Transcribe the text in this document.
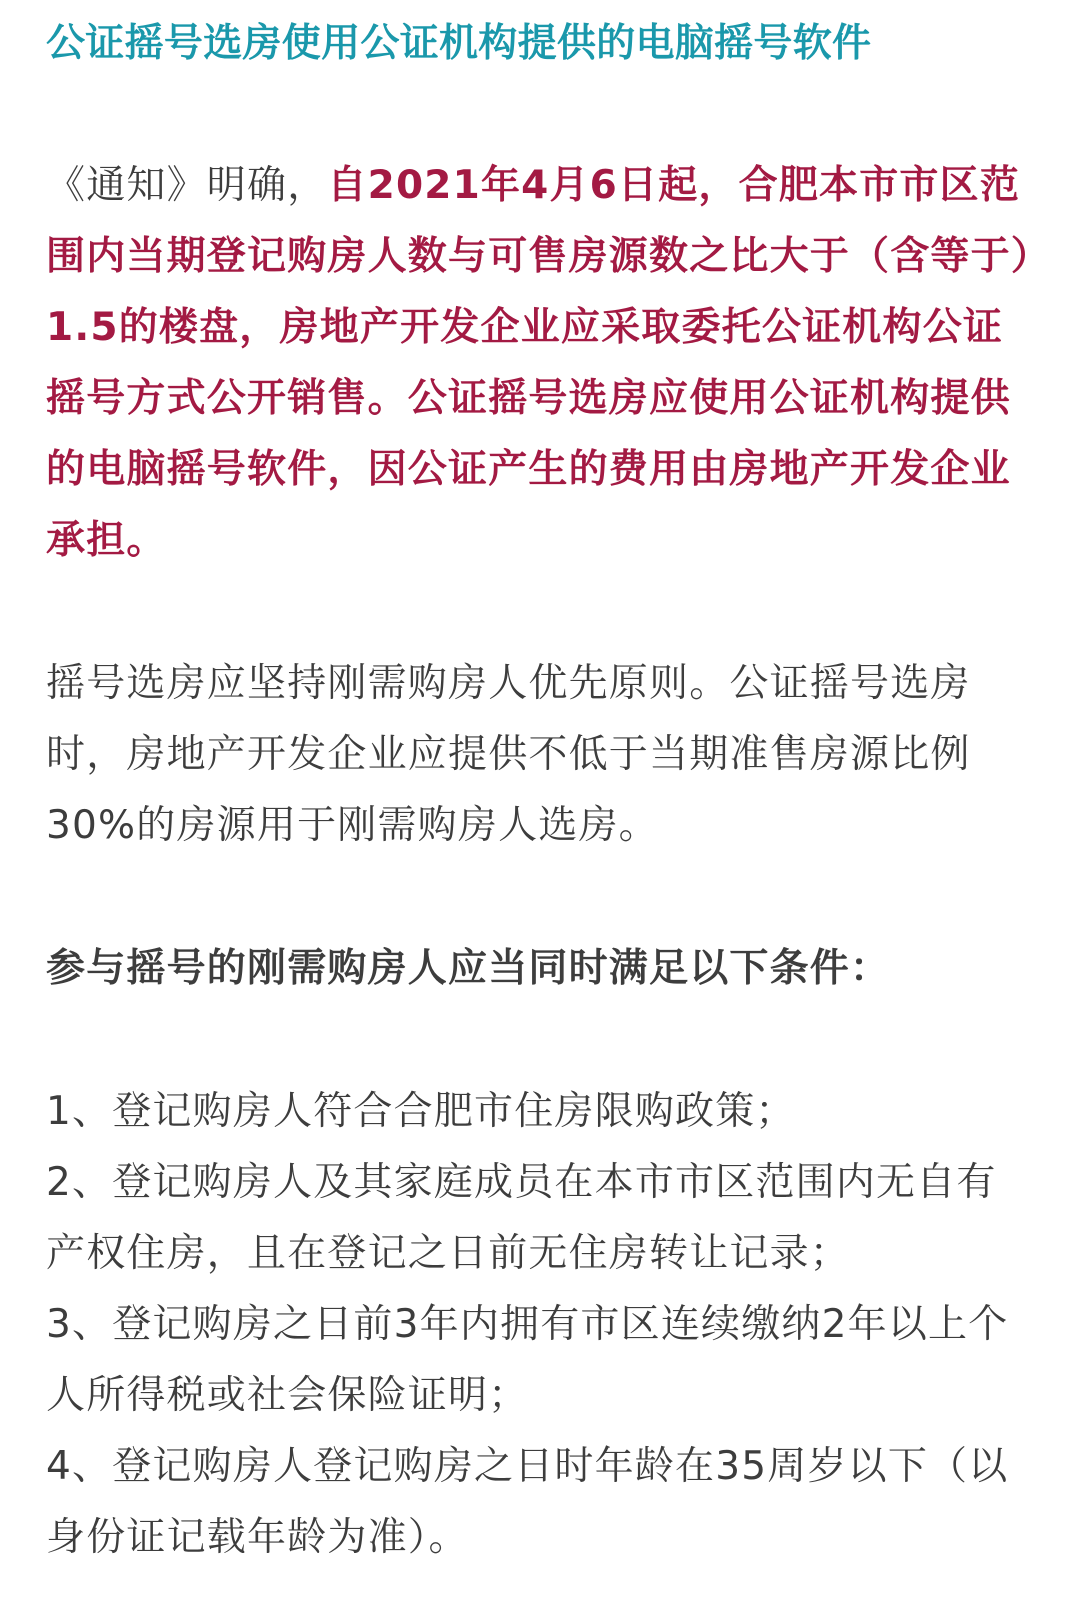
公证摇号选房使用公证机构提供的电脑摇号软件

《通知》明确，自2021年4月6日起，合肥本市市区范围内当期登记购房人数与可售房源数之比大于（含等于）1.5的楼盘，房地产开发企业应采取委托公证机构公证摇号方式公开销售。公证摇号选房应使用公证机构提供的电脑摇号软件，因公证产生的费用由房地产开发企业承担。

摇号选房应坚持刚需购房人优先原则。公证摇号选房时，房地产开发企业应提供不低于当期准售房源比例30%的房源用于刚需购房人选房。

参与摇号的刚需购房人应当同时满足以下条件：

1、登记购房人符合合肥市住房限购政策；
2、登记购房人及其家庭成员在本市市区范围内无自有产权住房，且在登记之日前无住房转让记录；
3、登记购房之日前3年内拥有市区连续缴纳2年以上个人所得税或社会保险证明；
4、登记购房人登记购房之日时年龄在35周岁以下（以身份证记载年龄为准）。
